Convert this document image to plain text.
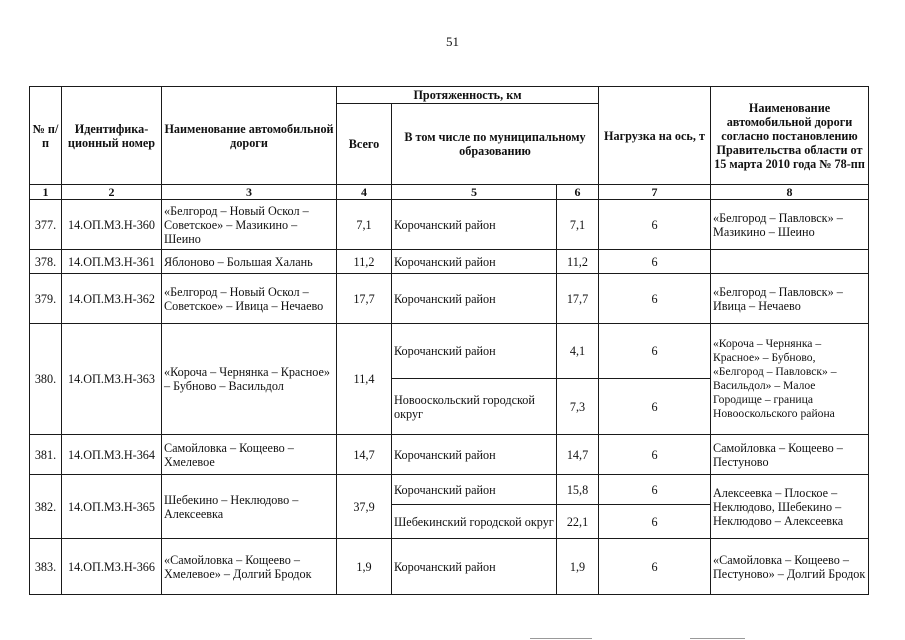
51
№ п/п	Идентифика-ционный номер	Наименование автомобильной дороги	Протяженность, км			Нагрузка на ось, т	Наименование автомобильной дороги согласно постановлению Правительства области от 15 марта 2010 года № 78-пп
			Всего	В том числе по муниципальному образованию			
1	2	3	4	5	6	7	8
377.	14.ОП.МЗ.Н-360	«Белгород – Новый Оскол – Советское» – Мазикино – Шеино	7,1	Корочанский район	7,1	6	«Белгород – Павловск» – Мазикино – Шеино
378.	14.ОП.МЗ.Н-361	Яблоново – Большая Халань	11,2	Корочанский район	11,2	6	
379.	14.ОП.МЗ.Н-362	«Белгород – Новый Оскол – Советское» – Ивица – Нечаево	17,7	Корочанский район	17,7	6	«Белгород – Павловск» – Ивица – Нечаево
380.	14.ОП.МЗ.Н-363	«Короча – Чернянка – Красное» – Бубново – Васильдол	11,4	Корочанский район	4,1	6	«Короча – Чернянка – Красное» – Бубново, «Белгород – Павловск» – Васильдол» – Малое Городище – граница Новооскольского района
				Новооскольский городской округ	7,3	6	
381.	14.ОП.МЗ.Н-364	Самойловка – Кощеево – Хмелевое	14,7	Корочанский район	14,7	6	Самойловка – Кощеево – Пестуново
382.	14.ОП.МЗ.Н-365	Шебекино – Неклюдово – Алексеевка	37,9	Корочанский район	15,8	6	Алексеевка – Плоское – Неклюдово, Шебекино – Неклюдово – Алексеевка
				Шебекинский городской округ	22,1	6	
383.	14.ОП.МЗ.Н-366	«Самойловка – Кощеево – Хмелевое» – Долгий Бродок	1,9	Корочанский район	1,9	6	«Самойловка – Кощеево – Пестуново» – Долгий Бродок
